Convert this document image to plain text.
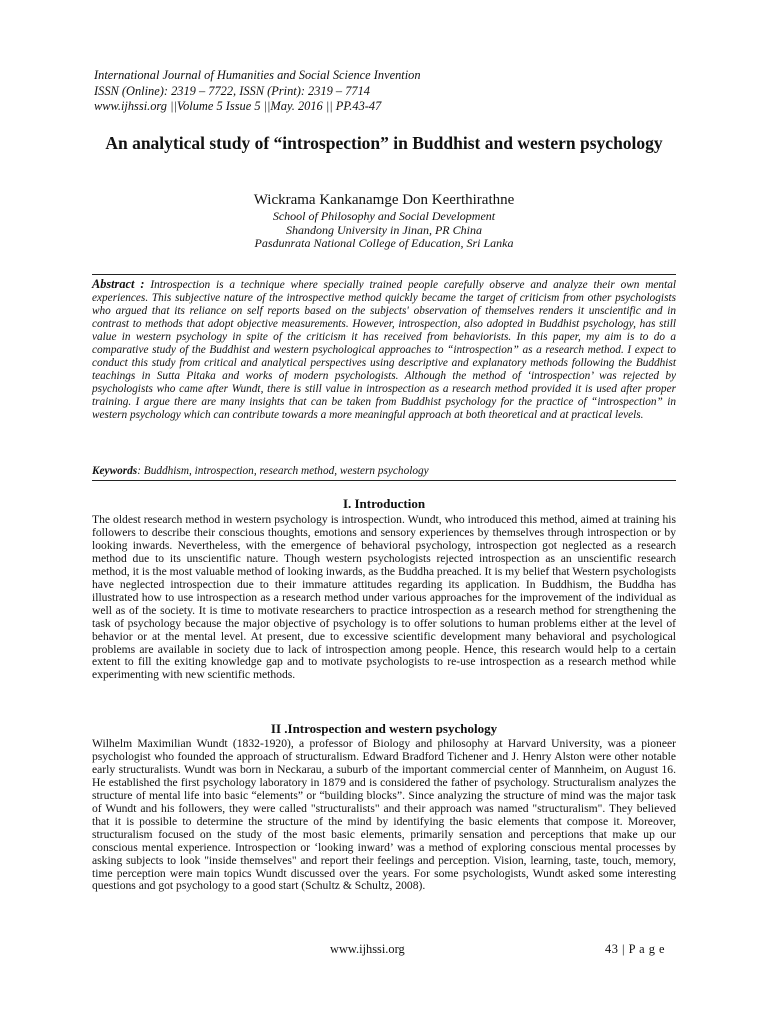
International Journal of Humanities and Social Science Invention
ISSN (Online): 2319 – 7722, ISSN (Print): 2319 – 7714
www.ijhssi.org ||Volume 5 Issue 5 ||May. 2016 || PP.43-47
An analytical study of “introspection” in Buddhist and western psychology
Wickrama Kankanamge Don Keerthirathne
School of Philosophy and Social Development
Shandong University in Jinan, PR China
Pasdunrata National College of Education, Sri Lanka
Abstract : Introspection is a technique where specially trained people carefully observe and analyze their own mental experiences. This subjective nature of the introspective method quickly became the target of criticism from other psychologists who argued that its reliance on self reports based on the subjects' observation of themselves renders it unscientific and in contrast to methods that adopt objective measurements. However, introspection, also adopted in Buddhist psychology, has still value in western psychology in spite of the criticism it has received from behaviorists. In this paper, my aim is to do a comparative study of the Buddhist and western psychological approaches to “introspection” as a research method. I expect to conduct this study from critical and analytical perspectives using descriptive and explanatory methods following the Buddhist teachings in Sutta Pitaka and works of modern psychologists. Although the method of ‘introspection’ was rejected by psychologists who came after Wundt, there is still value in introspection as a research method provided it is used after proper training. I argue there are many insights that can be taken from Buddhist psychology for the practice of “introspection” in western psychology which can contribute towards a more meaningful approach at both theoretical and at practical levels.
Keywords: Buddhism, introspection, research method, western psychology
I. Introduction

The oldest research method in western psychology is introspection. Wundt, who introduced this method, aimed at training his followers to describe their conscious thoughts, emotions and sensory experiences by themselves through introspection or by looking inwards. Nevertheless, with the emergence of behavioral psychology, introspection got neglected as a research method due to its unscientific nature. Though western psychologists rejected introspection as an unscientific research method, it is the most valuable method of looking inwards, as the Buddha preached. It is my belief that Western psychologists have neglected introspection due to their immature attitudes regarding its application. In Buddhism, the Buddha has illustrated how to use introspection as a research method under various approaches for the improvement of the individual as well as of the society. It is time to motivate researchers to practice introspection as a research method for strengthening the task of psychology because the major objective of psychology is to offer solutions to human problems either at the level of behavior or at the mental level. At present, due to excessive scientific development many behavioral and psychological problems are available in society due to lack of introspection among people. Hence, this research would help to a certain extent to fill the exiting knowledge gap and to motivate psychologists to re-use introspection as a research method while experimenting with new scientific methods.

II .Introspection and western psychology

Wilhelm Maximilian Wundt (1832-1920), a professor of Biology and philosophy at Harvard University, was a pioneer psychologist who founded the approach of structuralism. Edward Bradford Tichener and J. Henry Alston were other notable early structuralists. Wundt was born in Neckarau, a suburb of the important commercial center of Mannheim, on August 16. He established the first psychology laboratory in 1879 and is considered the father of psychology. Structuralism analyzes the structure of mental life into basic “elements” or “building blocks”. Since analyzing the structure of mind was the major task of Wundt and his followers, they were called "structuralists" and their approach was named "structuralism". They believed that it is possible to determine the structure of the mind by identifying the basic elements that compose it. Moreover, structuralism focused on the study of the most basic elements, primarily sensation and perceptions that make up our conscious mental experience. Introspection or ‘looking inward’ was a method of exploring conscious mental processes by asking subjects to look "inside themselves" and report their feelings and perception. Vision, learning, taste, touch, memory, time perception were main topics Wundt discussed over the years. For some psychologists, Wundt asked some interesting questions and got psychology to a good start (Schultz & Schultz, 2008).

www.ijhssi.org	43 | P a g e
